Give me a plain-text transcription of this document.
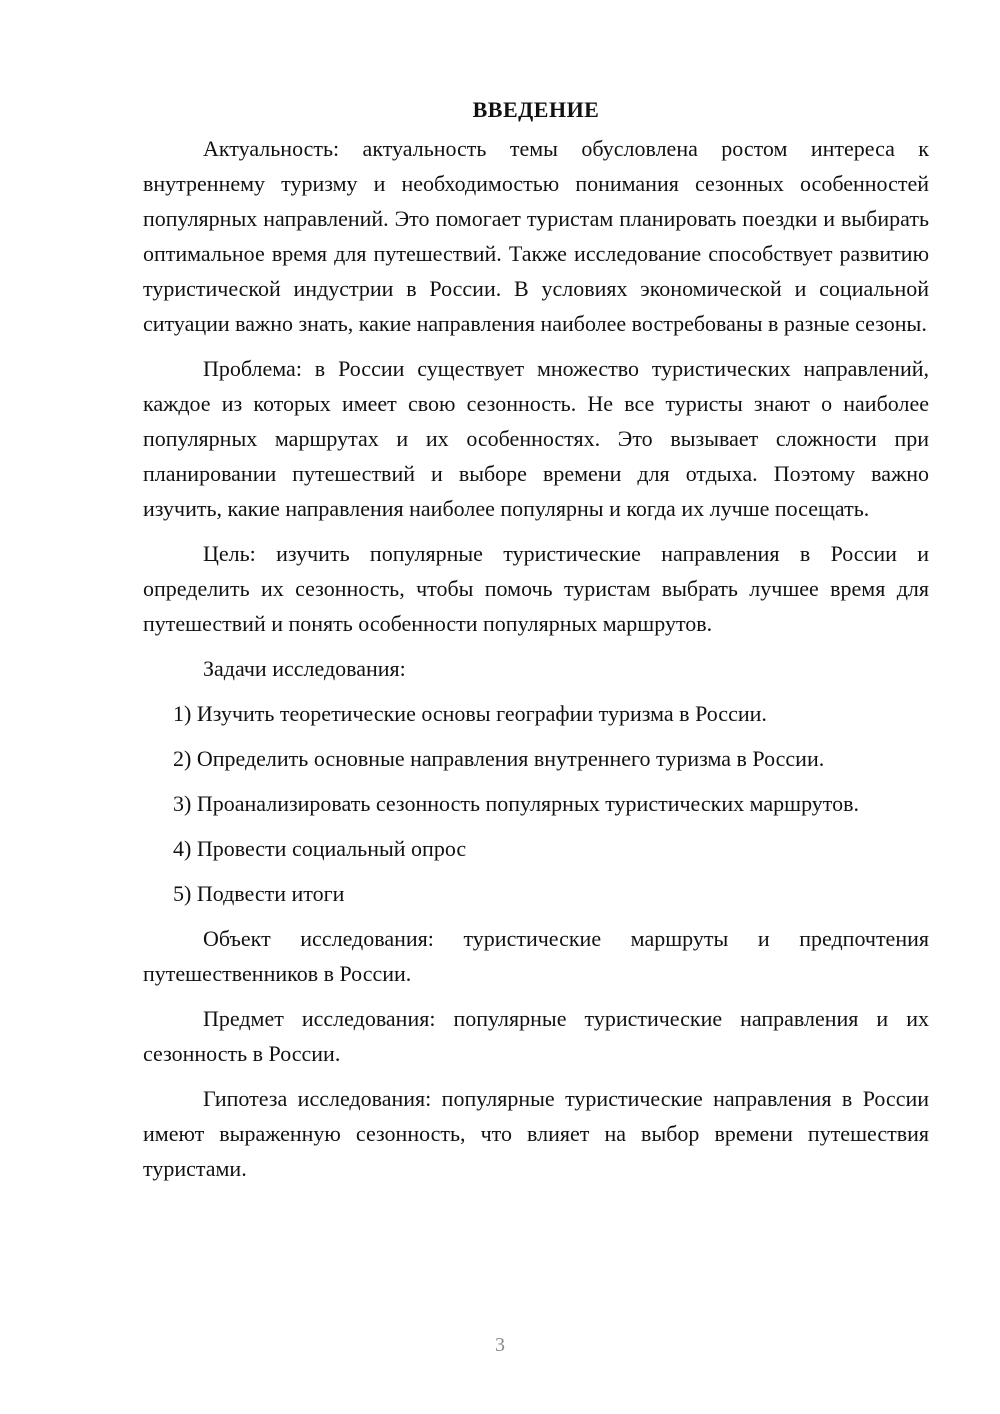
ВВЕДЕНИЕ

Актуальность: актуальность темы обусловлена ростом интереса к внутреннему туризму и необходимостью понимания сезонных особенностей популярных направлений. Это помогает туристам планировать поездки и выбирать оптимальное время для путешествий. Также исследование способствует развитию туристической индустрии в России. В условиях экономической и социальной ситуации важно знать, какие направления наиболее востребованы в разные сезоны.

Проблема: в России существует множество туристических направлений, каждое из которых имеет свою сезонность. Не все туристы знают о наиболее популярных маршрутах и их особенностях. Это вызывает сложности при планировании путешествий и выборе времени для отдыха. Поэтому важно изучить, какие направления наиболее популярны и когда их лучше посещать.

Цель: изучить популярные туристические направления в России и определить их сезонность, чтобы помочь туристам выбрать лучшее время для путешествий и понять особенности популярных маршрутов.

Задачи исследования:

1) Изучить теоретические основы географии туризма в России.

2) Определить основные направления внутреннего туризма в России.

3) Проанализировать сезонность популярных туристических маршрутов.

4) Провести социальный опрос

5) Подвести итоги

Объект исследования: туристические маршруты и предпочтения путешественников в России.

Предмет исследования: популярные туристические направления и их сезонность в России.

Гипотеза исследования: популярные туристические направления в России имеют выраженную сезонность, что влияет на выбор времени путешествия туристами.

3
